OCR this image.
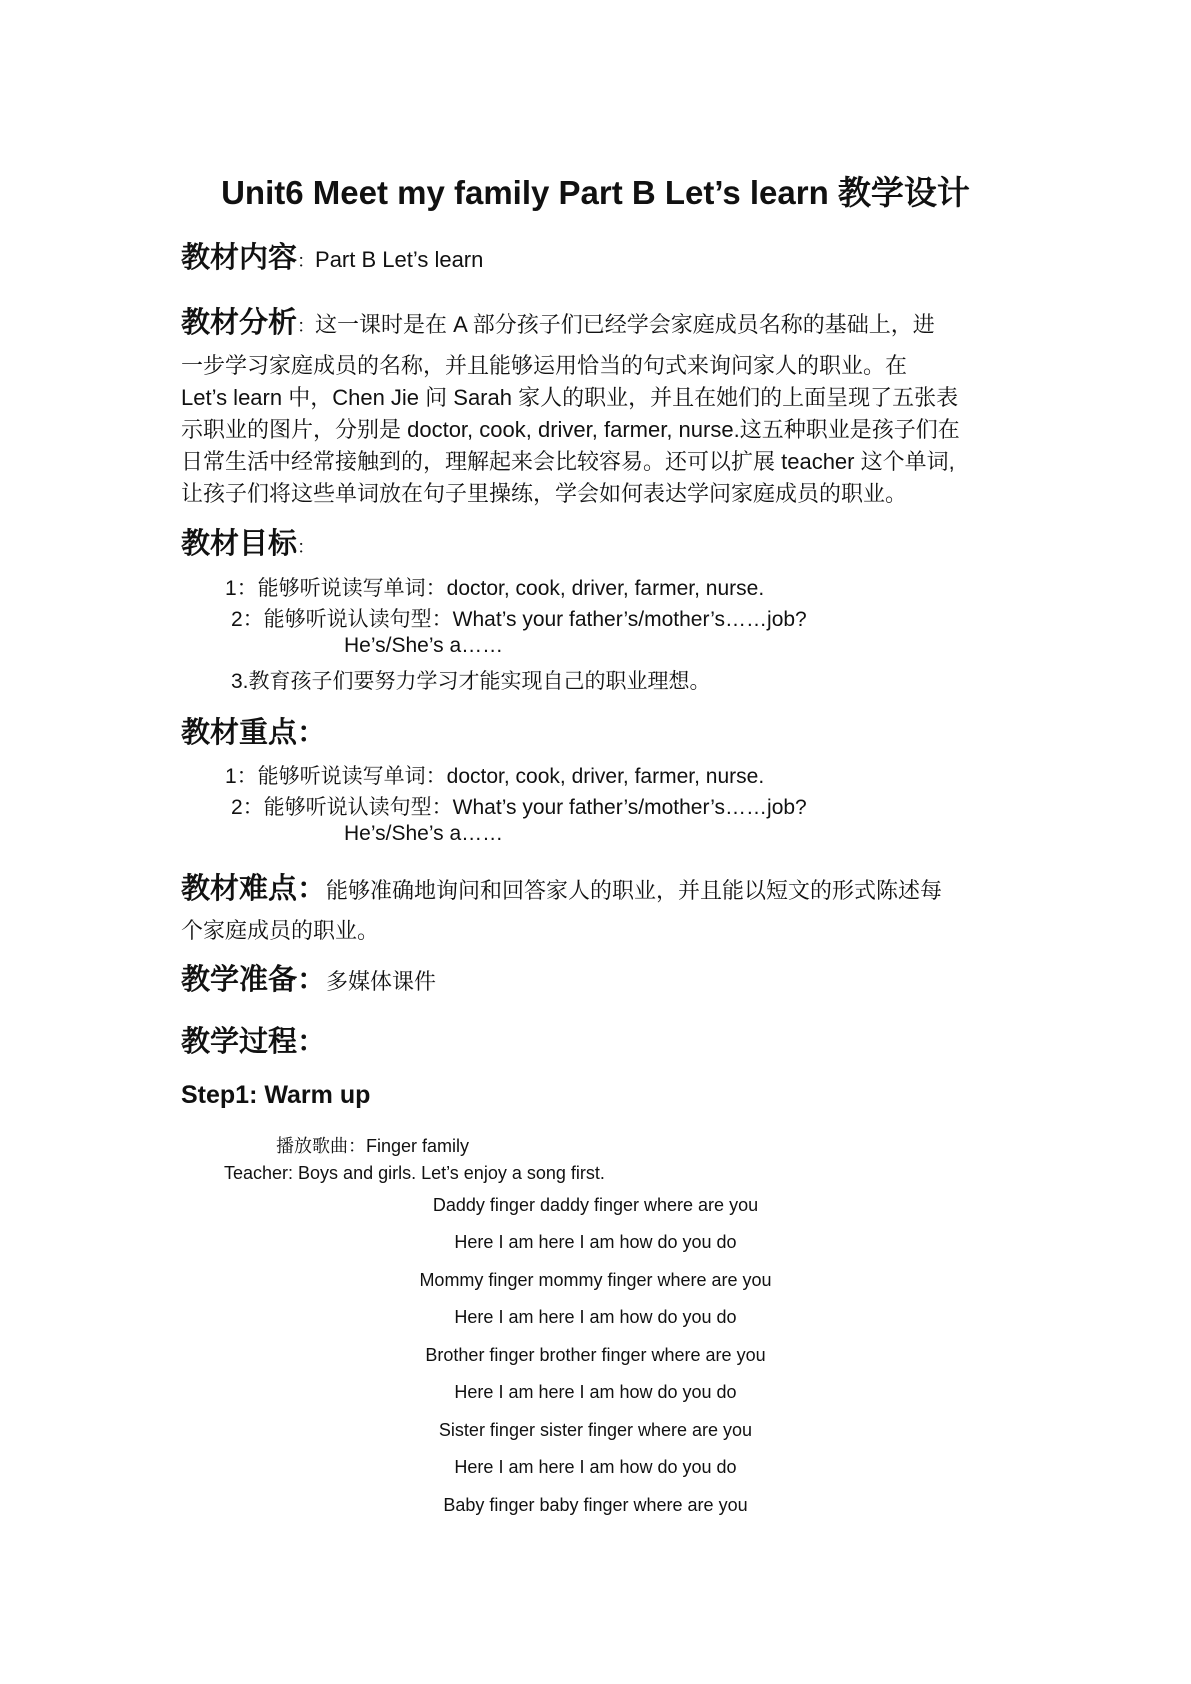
Unit6 Meet my family Part B Let’s learn 教学设计
教材内容：Part B Let’s learn
教材分析：这一课时是在 A 部分孩子们已经学会家庭成员名称的基础上，进
一步学习家庭成员的名称，并且能够运用恰当的句式来询问家人的职业。在
Let’s learn 中，Chen Jie 问 Sarah 家人的职业，并且在她们的上面呈现了五张表
示职业的图片，分别是 doctor, cook, driver, farmer, nurse.这五种职业是孩子们在
日常生活中经常接触到的，理解起来会比较容易。还可以扩展 teacher 这个单词,
让孩子们将这些单词放在句子里操练，学会如何表达学问家庭成员的职业。
教材目标：
1：能够听说读写单词：doctor, cook, driver, farmer, nurse.
2：能够听说认读句型：What’s your father’s/mother’s……job?
He’s/She’s a……
3.教育孩子们要努力学习才能实现自己的职业理想。
教材重点：
1：能够听说读写单词：doctor, cook, driver, farmer, nurse.
2：能够听说认读句型：What’s your father’s/mother’s……job?
He’s/She’s a……
教材难点：能够准确地询问和回答家人的职业，并且能以短文的形式陈述每
个家庭成员的职业。
教学准备：多媒体课件
教学过程：
Step1: Warm up
播放歌曲：Finger family
Teacher: Boys and girls. Let’s enjoy a song first.
Daddy finger daddy finger where are you
Here I am here I am how do you do
Mommy finger mommy finger where are you
Here I am here I am how do you do
Brother finger brother finger where are you
Here I am here I am how do you do
Sister finger sister finger where are you
Here I am here I am how do you do
Baby finger baby finger where are you
